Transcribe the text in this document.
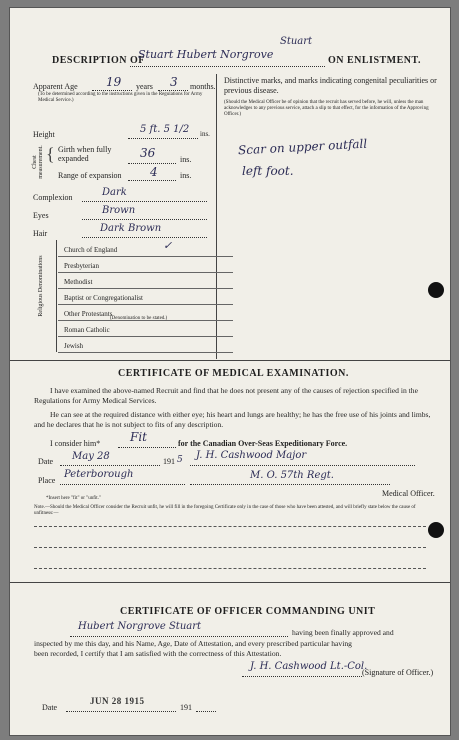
DESCRIPTION OF
Stuart Hubert Norgrove
Stuart
ON ENLISTMENT.
Apparent Age 19 years 3 months.
(To be determined according to the instructions given in the Regulations for Army Medical Service.)
Height	5 ft. 5 1/2 ins.
Chest measurement. { Girth when fully expanded	36	ins.
Range of expansion 4	ins.
Complexion	Dark
Eyes	Brown
Hair	Dark Brown
Distinctive marks, and marks indicating congenital peculiarities or previous disease.
(Should the Medical Officer be of opinion that the recruit has served before, he will, unless the man acknowledges to any previous service, attach a slip to that effect, for the information of the Approving Officer.)
Scar on upper outfall
left foot.
Religious Denominations
Church of England	✓
Presbyterian
Methodist
Baptist or Congregationalist
Other Protestants
Roman Catholic
Jewish
(Denomination to be stated.)
CERTIFICATE OF MEDICAL EXAMINATION.
I have examined the above-named Recruit and find that he does not present any of the causes of rejection specified in the Regulations for Army Medical Services.
He can see at the required distance with either eye; his heart and lungs are healthy; he has the free use of his joints and limbs, and he declares that he is not subject to fits of any description.
I consider him* Fit	for the Canadian Over-Seas Expeditionary Force.
Date May 28	191 5 J. H. Cashwood Major
Place
Peterborough	M. O. 57th Regt.
Medical Officer.
*Insert here "fit" or "unfit."
Note.—Should the Medical Officer consider the Recruit unfit, he will fill in the foregoing Certificate only in the case of those who have been attested, and will briefly state below the cause of unfitness:—
CERTIFICATE OF OFFICER COMMANDING UNIT
Hubert Norgrove Stuart
having been finally approved and
inspected by me this day, and his Name, Age, Date of Attestation, and every prescribed particular having
been recorded, I certify that I am satisfied with the correctness of this Attestation.
J. H. Cashwood Lt.-Col.
(Signature of Officer.)
Date
JUN 28 1915
191
